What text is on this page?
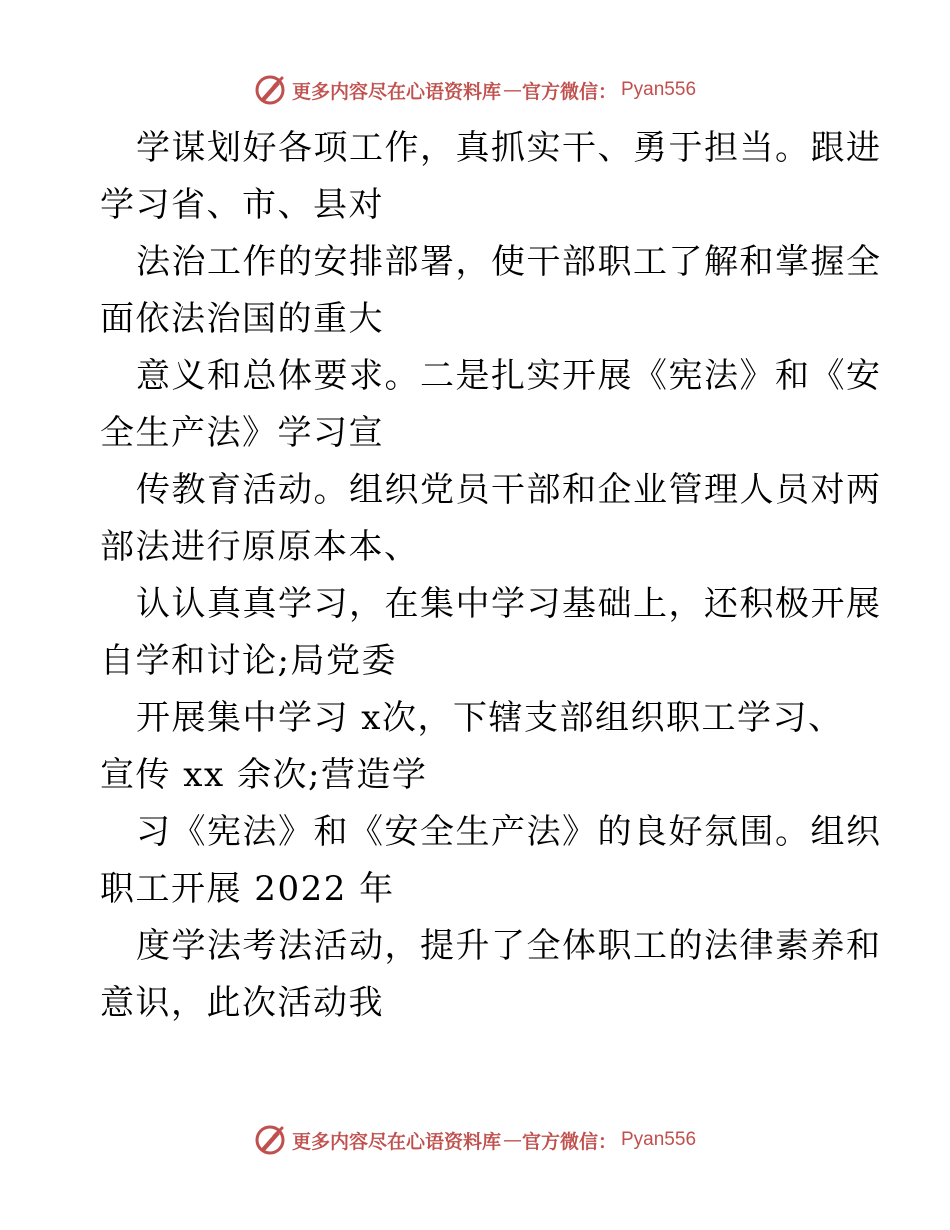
更多内容尽在心语资料库 — 官方微信： Pyan556
学谋划好各项工作，真抓实干、勇于担当。跟进
学习省、市、县对
法治工作的安排部署，使干部职工了解和掌握全
面依法治国的重大
意义和总体要求。二是扎实开展《宪法》和《安
全生产法》学习宣
传教育活动。组织党员干部和企业管理人员对两
部法进行原原本本、
认认真真学习，在集中学习基础上，还积极开展
自学和讨论;局党委
开展集中学习 x次，下辖支部组织职工学习、
宣传 xx 余次;营造学
习《宪法》和《安全生产法》的良好氛围。组织
职工开展 2022 年
度学法考法活动，提升了全体职工的法律素养和
意识，此次活动我
更多内容尽在心语资料库 — 官方微信： Pyan556
